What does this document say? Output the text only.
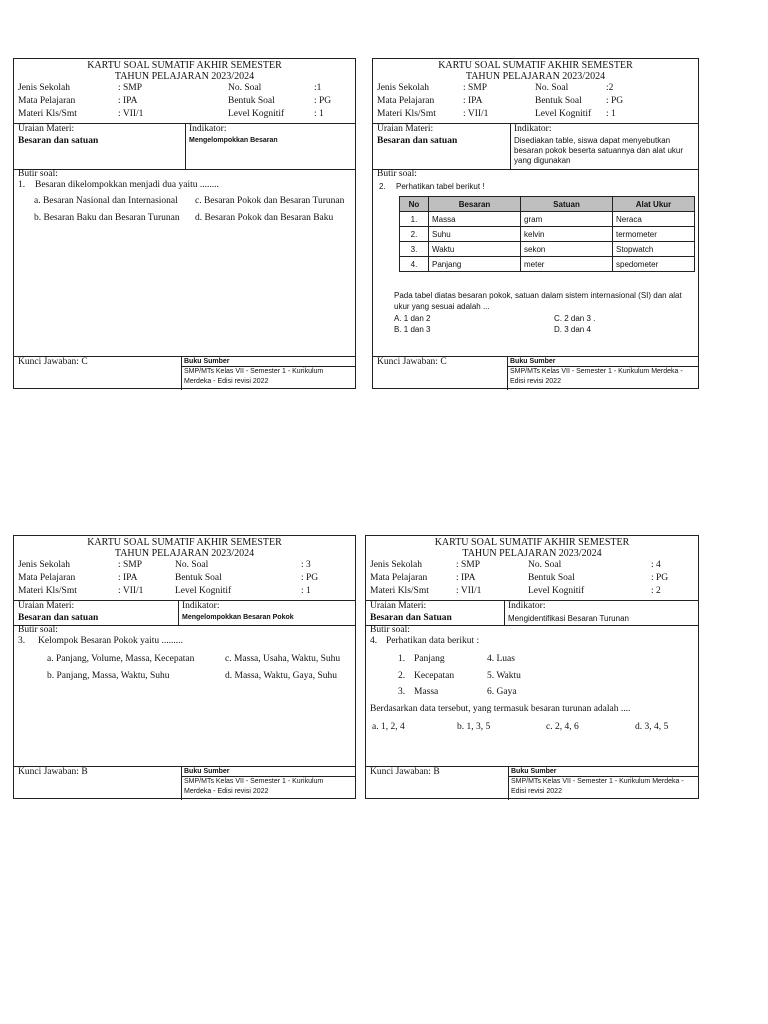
KARTU SOAL SUMATIF AKHIR SEMESTER
TAHUN PELAJARAN 2023/2024
Jenis Sekolah	: SMP	No. Soal	:1
Mata Pelajaran	: IPA	Bentuk Soal	: PG
Materi Kls/Smt	: VII/1	Level Kognitif	: 1
Uraian Materi:
Besaran dan satuan
Indikator:
Mengelompokkan Besaran
Butir soal:
1. Besaran dikelompokkan menjadi dua yaitu ........
a. Besaran Nasional dan Internasional c. Besaran Pokok dan Besaran Turunan
b. Besaran Baku dan Besaran Turunan d. Besaran Pokok dan Besaran Baku
Kunci Jawaban: C	Buku Sumber
SMP/MTs Kelas VII - Semester 1 - Kurikulum Merdeka - Edisi revisi 2022
KARTU SOAL SUMATIF AKHIR SEMESTER
TAHUN PELAJARAN 2023/2024
Jenis Sekolah	: SMP	No. Soal	:2
Mata Pelajaran	: IPA	Bentuk Soal	: PG
Materi Kls/Smt	: VII/1	Level Kognitif : 1
Uraian Materi:
Besaran dan satuan
Indikator:
Disediakan table, siswa dapat menyebutkan besaran pokok beserta satuannya dan alat ukur yang digunakan
Butir soal:
2. Perhatikan tabel berikut !
No	Besaran	Satuan	Alat Ukur
1.	Massa	gram	Neraca
2.	Suhu	kelvin	termometer
3.	Waktu	sekon	Stopwatch
4.	Panjang	meter	spedometer
Pada tabel diatas besaran pokok, satuan dalam sistem internasional (SI) dan alat ukur yang sesuai adalah ...
A. 1 dan 2	C. 2 dan 3 .
B. 1 dan 3	D. 3 dan 4
Kunci Jawaban: C	Buku Sumber
SMP/MTs Kelas VII - Semester 1 - Kurikulum Merdeka - Edisi revisi 2022
KARTU SOAL SUMATIF AKHIR SEMESTER
TAHUN PELAJARAN 2023/2024
Jenis Sekolah	: SMP	No. Soal	: 3
Mata Pelajaran	: IPA	Bentuk Soal	: PG
Materi Kls/Smt	: VII/1	Level Kognitif	: 1
Uraian Materi:
Besaran dan satuan
Indikator:
Mengelompokkan Besaran Pokok
Butir soal:
3. Kelompok Besaran Pokok yaitu .........
a. Panjang, Volume, Massa, Kecepatan	c. Massa, Usaha, Waktu, Suhu
b. Panjang, Massa, Waktu, Suhu	d. Massa, Waktu, Gaya, Suhu
Kunci Jawaban: B	Buku Sumber
SMP/MTs Kelas VII - Semester 1 - Kurikulum Merdeka - Edisi revisi 2022
KARTU SOAL SUMATIF AKHIR SEMESTER
TAHUN PELAJARAN 2023/2024
Jenis Sekolah	: SMP	No. Soal	: 4
Mata Pelajaran	: IPA	Bentuk Soal	: PG
Materi Kls/Smt	: VII/1	Level Kognitif	: 2
Uraian Materi:
Besaran dan Satuan
Indikator:
Mengidentifikasi Besaran Turunan
Butir soal:
4. Perhatikan data berikut :
1. Panjang	4. Luas
2. Kecepatan	5. Waktu
3. Massa	6. Gaya
Berdasarkan data tersebut, yang termasuk besaran turunan adalah ....
a. 1, 2, 4	b. 1, 3, 5	c. 2, 4, 6	d. 3, 4, 5
Kunci Jawaban: B	Buku Sumber
SMP/MTs Kelas VII - Semester 1 - Kurikulum Merdeka - Edisi revisi 2022
